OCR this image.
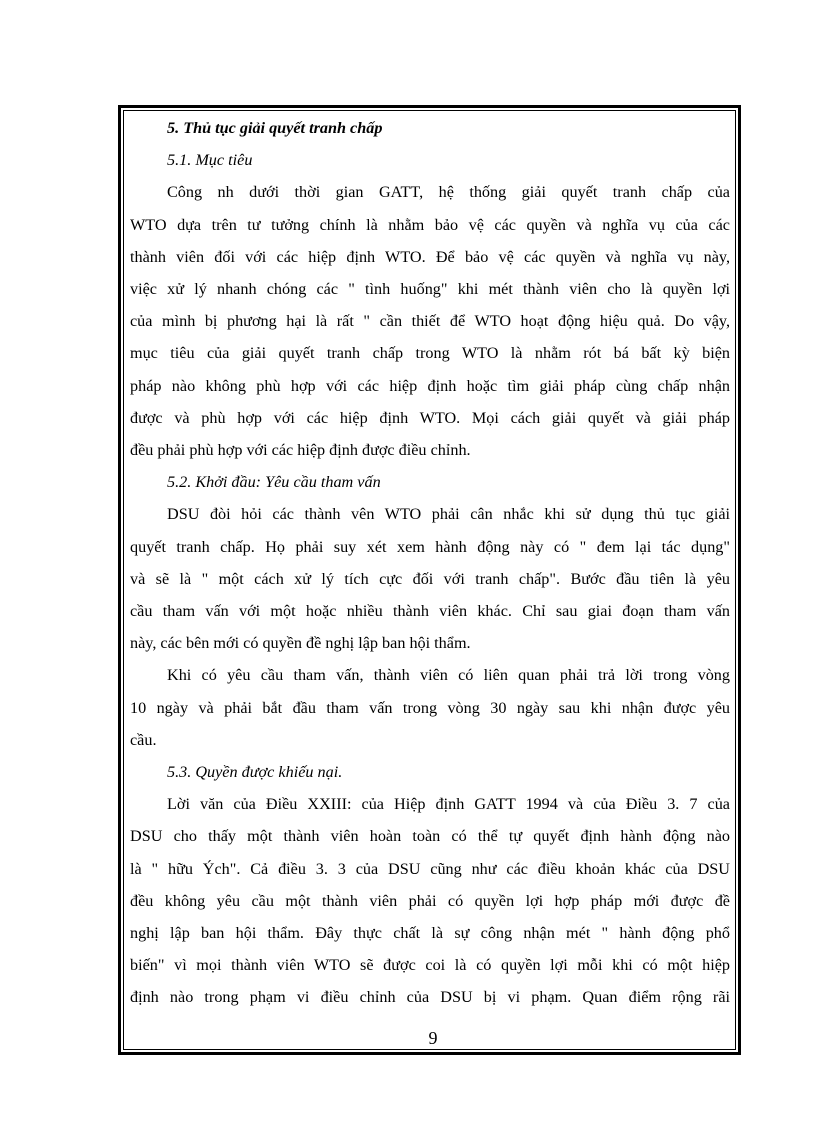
5. Thủ tục giải quyết tranh chấp

5.1. Mục tiêu

Công nh dưới thời gian GATT, hệ thống giải quyết tranh chấp của
WTO dựa trên tư tưởng chính là nhằm bảo vệ các quyền và nghĩa vụ của các
thành viên đối với các hiệp định WTO. Để bảo vệ các quyền và nghĩa vụ này,
việc xử lý nhanh chóng các " tình huống" khi mét thành viên cho là quyền lợi
của mình bị phương hại là rất " cần thiết để WTO hoạt động hiệu quả. Do vậy,
mục tiêu của giải quyết tranh chấp trong WTO là nhằm rót bá bất kỳ biện
pháp nào không phù hợp với các hiệp định hoặc tìm giải pháp cùng chấp nhận
được và phù hợp với các hiệp định WTO. Mọi cách giải quyết và giải pháp
đều phải phù hợp với các hiệp định được điều chỉnh.

5.2. Khởi đầu: Yêu cầu tham vấn

DSU đòi hỏi các thành vên WTO phải cân nhắc khi sử dụng thủ tục giải
quyết tranh chấp. Họ phải suy xét xem hành động này có " đem lại tác dụng"
và sẽ là " một cách xử lý tích cực đối với tranh chấp". Bước đầu tiên là yêu
cầu tham vấn với một hoặc nhiều thành viên khác. Chỉ sau giai đoạn tham vấn
này, các bên mới có quyền đề nghị lập ban hội thẩm.
Khi có yêu cầu tham vấn, thành viên có liên quan phải trả lời trong vòng
10 ngày và phải bắt đầu tham vấn trong vòng 30 ngày sau khi nhận được yêu
cầu.

5.3. Quyền được khiếu nại.

Lời văn của Điều XXIII: của Hiệp định GATT 1994 và của Điều 3. 7 của
DSU cho thấy một thành viên hoàn toàn có thể tự quyết định hành động nào
là " hữu Ých". Cả điều 3. 3 của DSU cũng như các điều khoản khác của DSU
đều không yêu cầu một thành viên phải có quyền lợi hợp pháp mới được đề
nghị lập ban hội thẩm. Đây thực chất là sự công nhận mét " hành động phổ
biến" vì mọi thành viên WTO sẽ được coi là có quyền lợi mỗi khi có một hiệp
định nào trong phạm vi điều chỉnh của DSU bị vi phạm. Quan điểm rộng rãi
9
